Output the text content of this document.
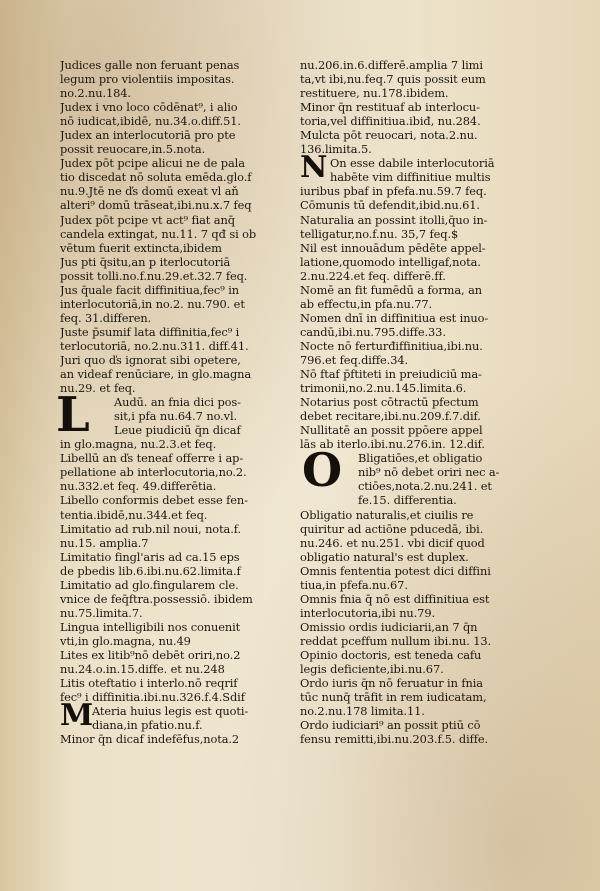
Judices galle non feruant penas
legum pro violentiis impositas.
no.2.nu.184.
Judex i vno loco cōdēnat⁹, i alio
nō iudicat,ibidē, nu.34.o.diff.51.
Judex an interlocutoriā pro pte
possit reuocare,in.5.nota.
Judex pōt pcipe alicui ne de pala
tio discedat nō soluta emēda.glo.f
nu.9.Jtē ne ďs domū exeat vl aň
alteri⁹ domū trāseat,ibi.nu.x.7 feq
Judex pōt pcipe vt act⁹ fiat anq̄
candela extingat, nu.11. 7 qđ si ob
vētum fuerit extincta,ibidem
Jus pti q̄situ,an p iterlocutoriā
possit tolli.no.f.nu.29.et.32.7 feq.
Jus q̄uale facit diffinitiua,fec⁹ in
interlocutoriā,in no.2. nu.790. et
feq. 31.differen.
Juste p̄sumif lata diffinitia,fec⁹ i
terlocutoriā, no.2.nu.311. diff.41.
Juri quo ďs ignorat sibi opetere,
an videaf renūciare, in glo.magna
nu.29. et feq.
L	Audū. an fnia dici pos-
sit,i pfa nu.64.7 no.vl.
Leue piudiciū q̄n dicaf
in glo.magna, nu.2.3.et feq.
Libellū an ďs teneaf offerre i ap-
pellatione ab interlocutoria,no.2.
nu.332.et feq. 49.differētia.
Libello conformis debet esse fen-
tentia.ibidē,nu.344.et feq.
Limitatio ad rub.nil noui, nota.f.
nu.15. amplia.7
Limitatio fingl'aris ad ca.15 eps
de pbedis lib.6.ibi.nu.62.limita.f
Limitatio ad glo.fingularem cle.
vnice de feq̄ftra.possessiō. ibidem
nu.75.limita.7.
Lingua intelligibili nos conuenit
vti,in glo.magna, nu.49
Lites ex litib⁹nō debēt oriri,no.2
nu.24.o.in.15.diffe. et nu.248
Litis oteftatio i interlo.nō reqrif
fec⁹ i diffinitia.ibi.nu.326.f.4.Sdif
M
Ateria huius legis est quoti-
diana,in pfatio.nu.f.
Minor q̄n dicaf indefēfus,nota.2
nu.206.in.6.differē.amplia 7 limi
ta,vt ibi,nu.feq.7 quis possit eum
restituere, nu.178.ibidem.
Minor q̄n restituaf ab interlocu-
toria,vel diffinitiua.ibiđ, nu.284.
Mulcta pōt reuocari, nota.2.nu.
136.limita.5.
N On esse dabile interlocutoriā
habēte vim diffinitiue multis
iuribus pbaf in pfefa.nu.59.7 feq.
Cōmunis tū defendit,ibid.nu.61.
Naturalia an possint itolli,q̄uo in-
telligatur,no.f.nu. 35,7 feq.$
Nil est innouādum pēdēte appel-
latione,quomodo intelligaf,nota.
2.nu.224.et feq. differē.ff.
Nomē an fit fumēdū a forma, an
ab effectu,in pfa.nu.77.
Nomen dnī in diffinitiua est inuo-
candū,ibi.nu.795.diffe.33.
Nocte nō ferturđiffinitiua,ibi.nu.
796.et feq.diffe.34.
Nō ftaf p̄ftiteti in preiudiciū ma-
trimonii,no.2.nu.145.limita.6.
Notarius post cōtractū pfectum
debet recitare,ibi.nu.209.f.7.dif.
Nullitatē an possit ppōere appel
lās ab iterlo.ibi.nu.276.in. 12.dif.
O	Bligatiōes,et obligatio
nib⁹ nō debet oriri nec a-
ctiōes,nota.2.nu.241. et
fe.15. differentia.
Obligatio naturalis,et ciuilis re
quiritur ad actiōne pducedā, ibi.
nu.246. et nu.251. vbi dicif quod
obligatio natural's est duplex.
Omnis fententia potest dici diffini
tiua,in pfefa.nu.67.
Omnis fnia q̄ nō est diffinitiua est
interlocutoria,ibi nu.79.
Omissio ordis iudiciarii,an 7 q̄n
reddat pceffum nullum ibi.nu. 13.
Opinio doctoris, est teneda cafu
legis deficiente,ibi.nu.67.
Ordo iuris q̄n nō feruatur in fnia
tūc nunq̄ trāfit in rem iudicatam,
no.2.nu.178 limita.11.
Ordo iudiciari⁹ an possit ptiū cō
fensu remitti,ibi.nu.203.f.5. diffe.
